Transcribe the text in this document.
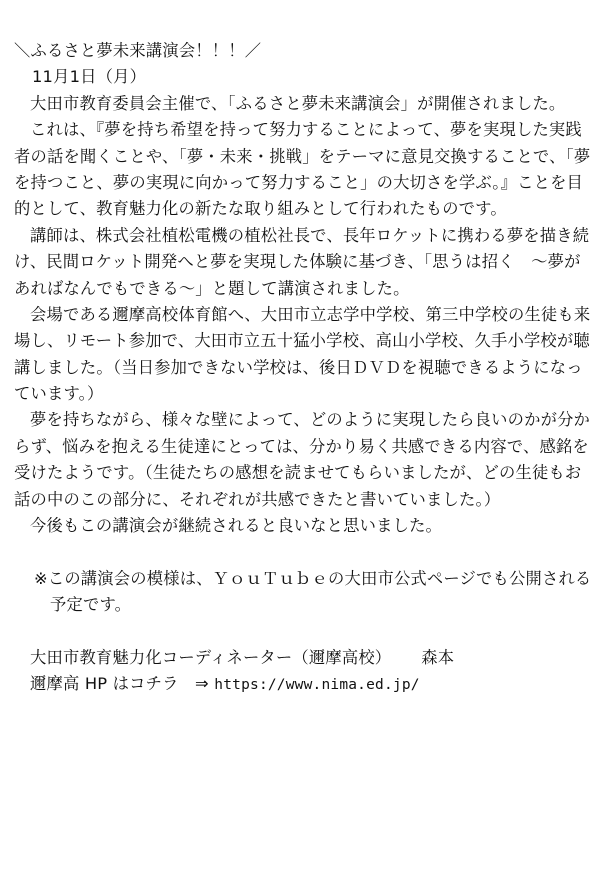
＼ふるさと夢未来講演会！！！／
11月1日（月）
大田市教育委員会主催で、「ふるさと夢未来講演会」が開催されました。
これは、『夢を持ち希望を持って努力することによって、夢を実現した実践
者の話を聞くことや、「夢・未来・挑戦」をテーマに意見交換することで、「夢
を持つこと、夢の実現に向かって努力すること」の大切さを学ぶ。』ことを目
的として、教育魅力化の新たな取り組みとして行われたものです。
講師は、株式会社植松電機の植松社長で、長年ロケットに携わる夢を描き続
け、民間ロケット開発へと夢を実現した体験に基づき、「思うは招く　～夢が
あればなんでもできる～」と題して講演されました。
会場である邇摩高校体育館へ、大田市立志学中学校、第三中学校の生徒も来
場し、リモート参加で、大田市立五十猛小学校、高山小学校、久手小学校が聴
講しました。（当日参加できない学校は、後日ＤＶＤを視聴できるようになっ
ています。）
夢を持ちながら、様々な壁によって、どのように実現したら良いのかが分か
らず、悩みを抱える生徒達にとっては、分かり易く共感できる内容で、感銘を
受けたようです。（生徒たちの感想を読ませてもらいましたが、どの生徒もお
話の中のこの部分に、それぞれが共感できたと書いていました。）
今後もこの講演会が継続されると良いなと思いました。
※この講演会の模様は、ＹｏｕＴｕｂｅの大田市公式ページでも公開される
予定です。
大田市教育魅力化コーディネーター（邇摩高校） 森本
邇摩高 HP はコチラ　⇒ https://www.nima.ed.jp/
